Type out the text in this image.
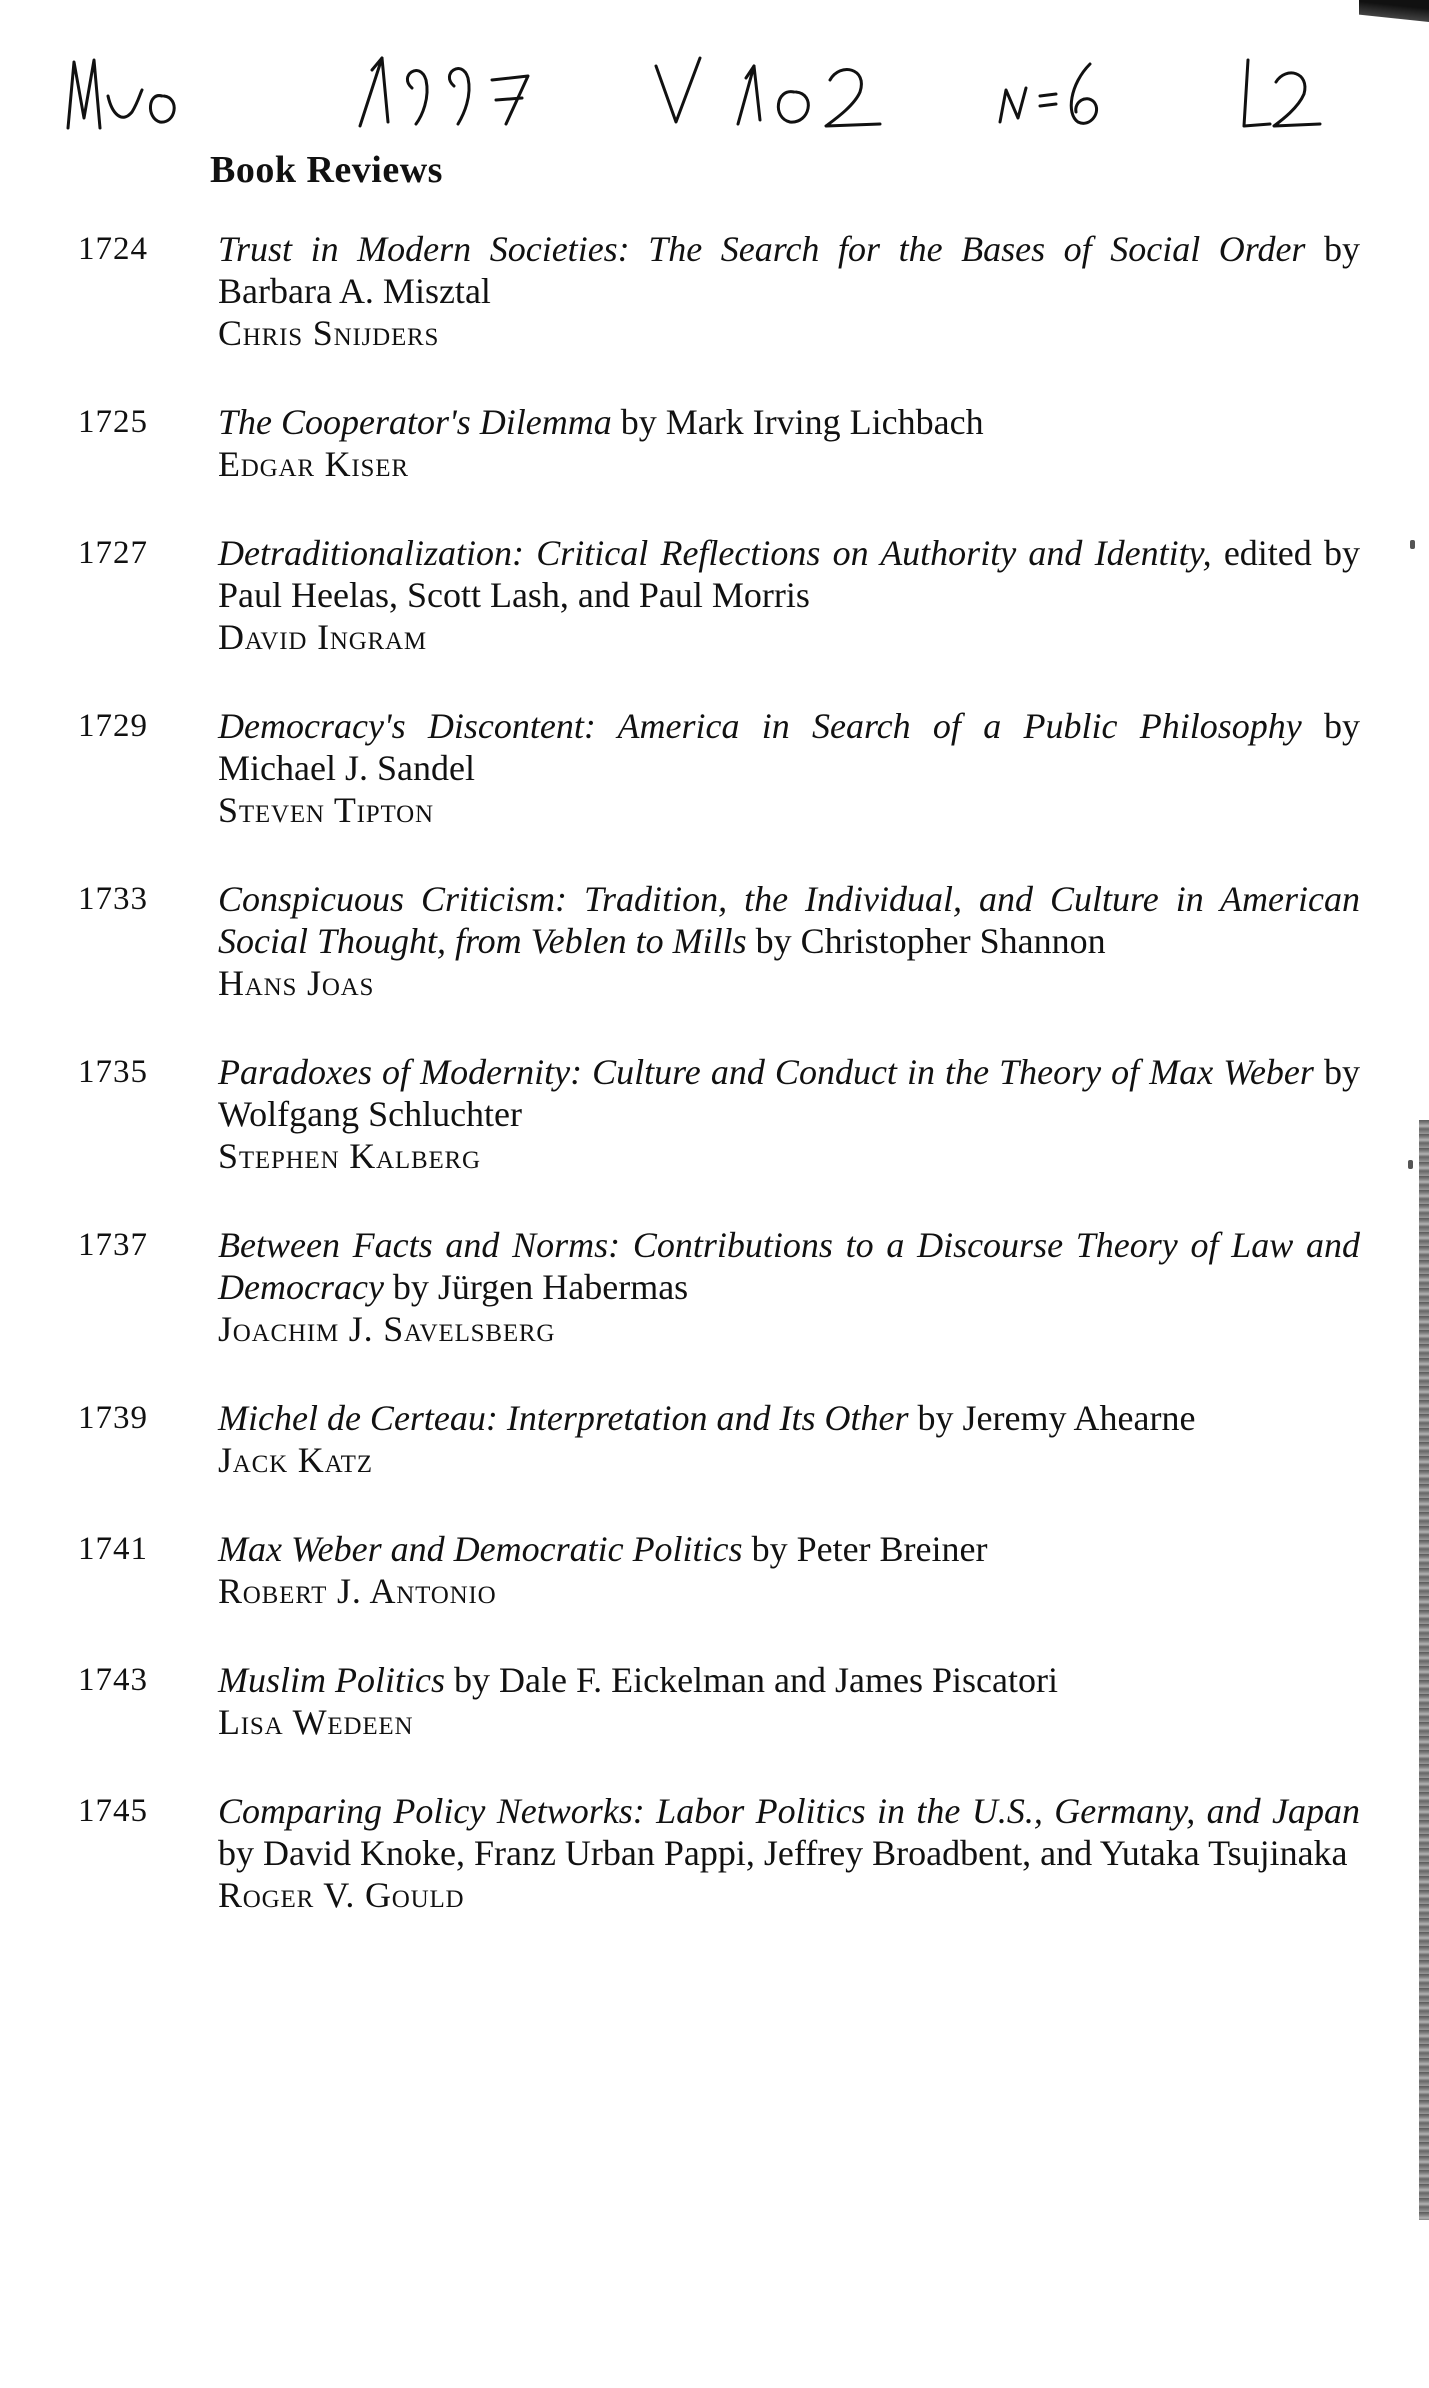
Book Reviews
1724	Trust in Modern Societies: The Search for the Bases of Social Order by Barbara A. Misztal
Chris Snijders
1725	The Cooperator's Dilemma by Mark Irving Lichbach
Edgar Kiser
1727	Detraditionalization: Critical Reflections on Authority and Identity, edited by Paul Heelas, Scott Lash, and Paul Morris
David Ingram
1729	Democracy's Discontent: America in Search of a Public Philosophy by Michael J. Sandel
Steven Tipton
1733	Conspicuous Criticism: Tradition, the Individual, and Culture in American Social Thought, from Veblen to Mills by Christopher Shannon
Hans Joas
1735	Paradoxes of Modernity: Culture and Conduct in the Theory of Max Weber by Wolfgang Schluchter
Stephen Kalberg
1737	Between Facts and Norms: Contributions to a Discourse Theory of Law and Democracy by Jürgen Habermas
Joachim J. Savelsberg
1739	Michel de Certeau: Interpretation and Its Other by Jeremy Ahearne
Jack Katz
1741	Max Weber and Democratic Politics by Peter Breiner
Robert J. Antonio
1743	Muslim Politics by Dale F. Eickelman and James Piscatori
Lisa Wedeen
1745	Comparing Policy Networks: Labor Politics in the U.S., Germany, and Japan by David Knoke, Franz Urban Pappi, Jeffrey Broadbent, and Yutaka Tsujinaka
Roger V. Gould
